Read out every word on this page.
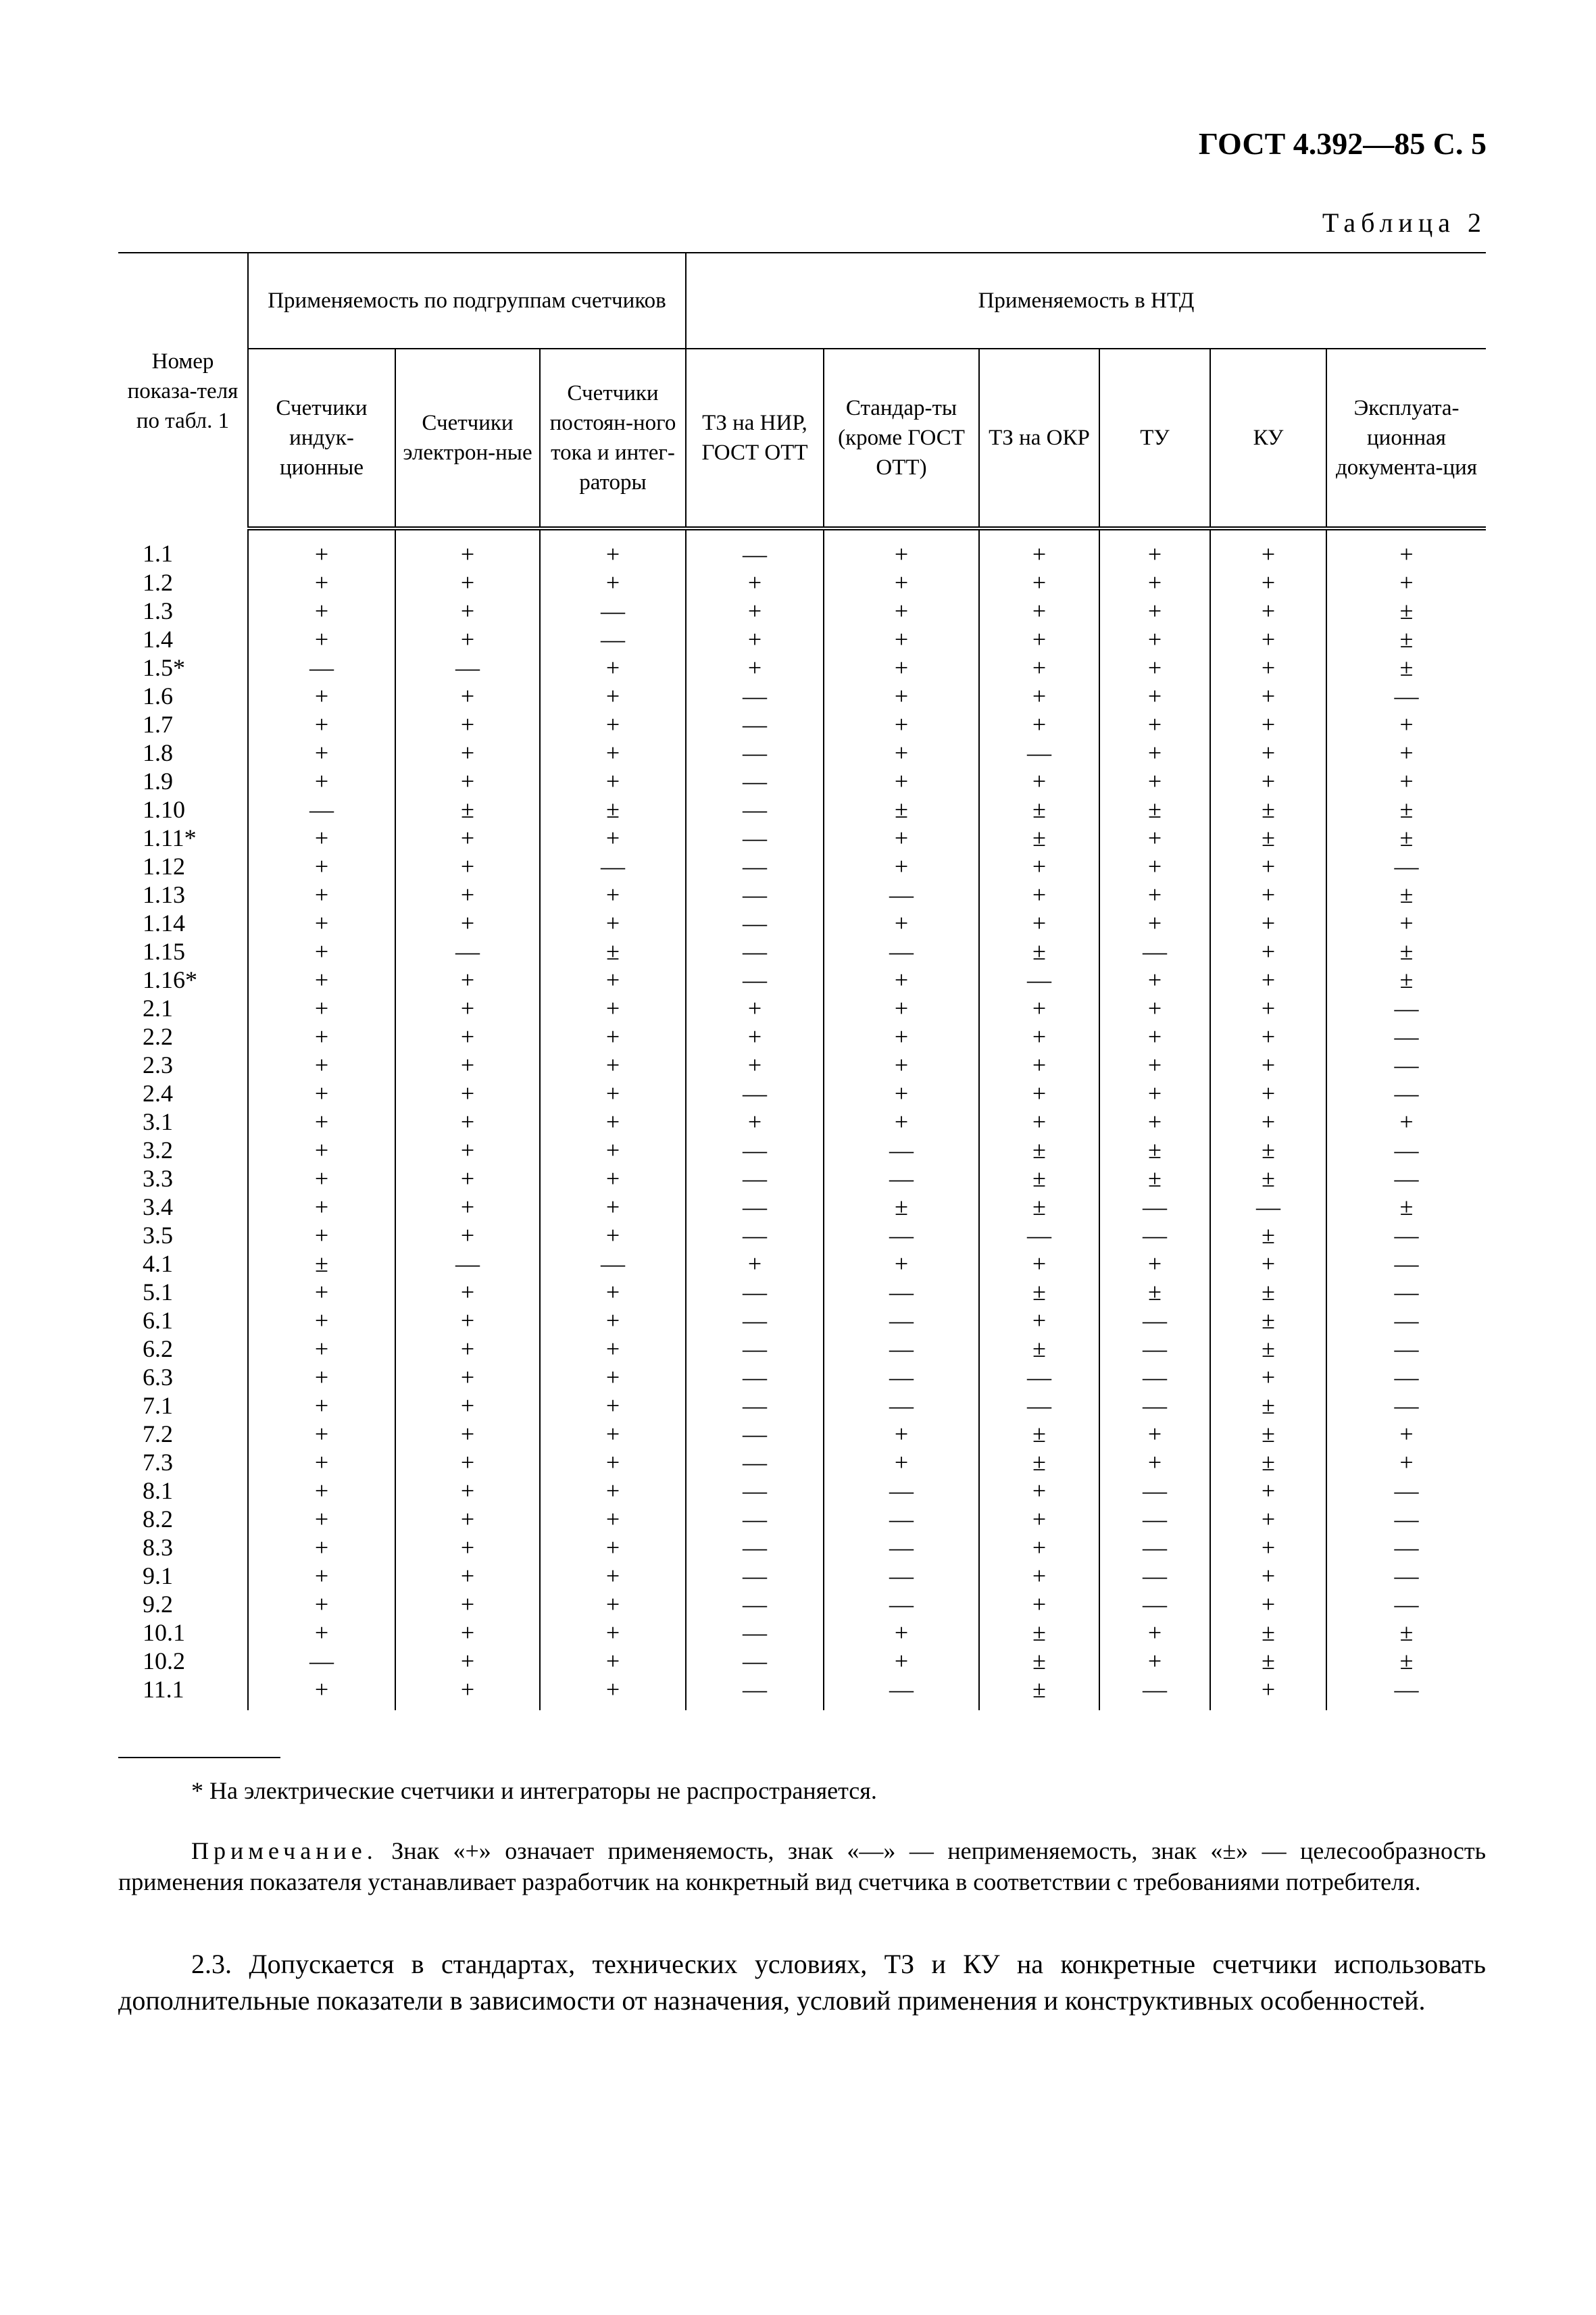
ГОСТ 4.392—85 С. 5
Таблица 2
Номер показа-теля по табл. 1	Применяемость по подгруппам счетчиков			Применяемость в НТД					
	Счетчики индук-ционные	Счетчики электрон-ные	Счетчики постоян-ного тока и интег-раторы	ТЗ на НИР, ГОСТ ОТТ	Стандар-ты (кроме ГОСТ ОТТ)	ТЗ на ОКР	ТУ	КУ	Эксплуата-ционная документа-ция
1.1	+	+	+	—	+	+	+	+	+
1.2	+	+	+	+	+	+	+	+	+
1.3	+	+	—	+	+	+	+	+	±
1.4	+	+	—	+	+	+	+	+	±
1.5*	—	—	+	+	+	+	+	+	±
1.6	+	+	+	—	+	+	+	+	—
1.7	+	+	+	—	+	+	+	+	+
1.8	+	+	+	—	+	—	+	+	+
1.9	+	+	+	—	+	+	+	+	+
1.10	—	±	±	—	±	±	±	±	±
1.11*	+	+	+	—	+	±	+	±	±
1.12	+	+	—	—	+	+	+	+	—
1.13	+	+	+	—	—	+	+	+	±
1.14	+	+	+	—	+	+	+	+	+
1.15	+	—	±	—	—	±	—	+	±
1.16*	+	+	+	—	+	—	+	+	±
2.1	+	+	+	+	+	+	+	+	—
2.2	+	+	+	+	+	+	+	+	—
2.3	+	+	+	+	+	+	+	+	—
2.4	+	+	+	—	+	+	+	+	—
3.1	+	+	+	+	+	+	+	+	+
3.2	+	+	+	—	—	±	±	±	—
3.3	+	+	+	—	—	±	±	±	—
3.4	+	+	+	—	±	±	—	—	±
3.5	+	+	+	—	—	—	—	±	—
4.1	±	—	—	+	+	+	+	+	—
5.1	+	+	+	—	—	±	±	±	—
6.1	+	+	+	—	—	+	—	±	—
6.2	+	+	+	—	—	±	—	±	—
6.3	+	+	+	—	—	—	—	+	—
7.1	+	+	+	—	—	—	—	±	—
7.2	+	+	+	—	+	±	+	±	+
7.3	+	+	+	—	+	±	+	±	+
8.1	+	+	+	—	—	+	—	+	—
8.2	+	+	+	—	—	+	—	+	—
8.3	+	+	+	—	—	+	—	+	—
9.1	+	+	+	—	—	+	—	+	—
9.2	+	+	+	—	—	+	—	+	—
10.1	+	+	+	—	+	±	+	±	±
10.2	—	+	+	—	+	±	+	±	±
11.1	+	+	+	—	—	±	—	+	—
* На электрические счетчики и интеграторы не распространяется.
Примечание. Знак «+» означает применяемость, знак «—» — неприменяемость, знак «±» — целесообразность применения показателя устанавливает разработчик на конкретный вид счетчика в соответствии с требованиями потребителя.
2.3. Допускается в стандартах, технических условиях, ТЗ и КУ на конкретные счетчики использовать дополнительные показатели в зависимости от назначения, условий применения и конструктивных особенностей.
